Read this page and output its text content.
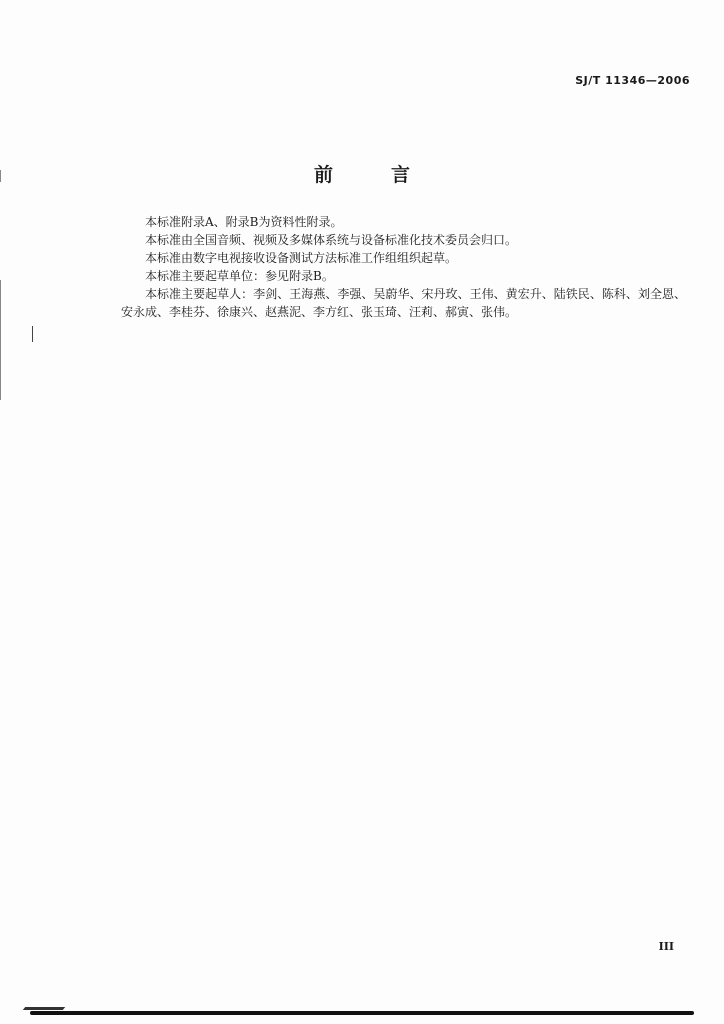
SJ/T 11346—2006
前	言

本标准附录A、附录B为资料性附录。

本标准由全国音频、视频及多媒体系统与设备标准化技术委员会归口。

本标准由数字电视接收设备测试方法标准工作组组织起草。

本标准主要起草单位：参见附录B。

本标准主要起草人：李剑、王海燕、李强、吴蔚华、宋丹玫、王伟、黄宏升、陆铁民、陈科、刘全恩、安永成、李桂芬、徐康兴、赵燕泥、李方红、张玉琦、汪莉、郝寅、张伟。

III
